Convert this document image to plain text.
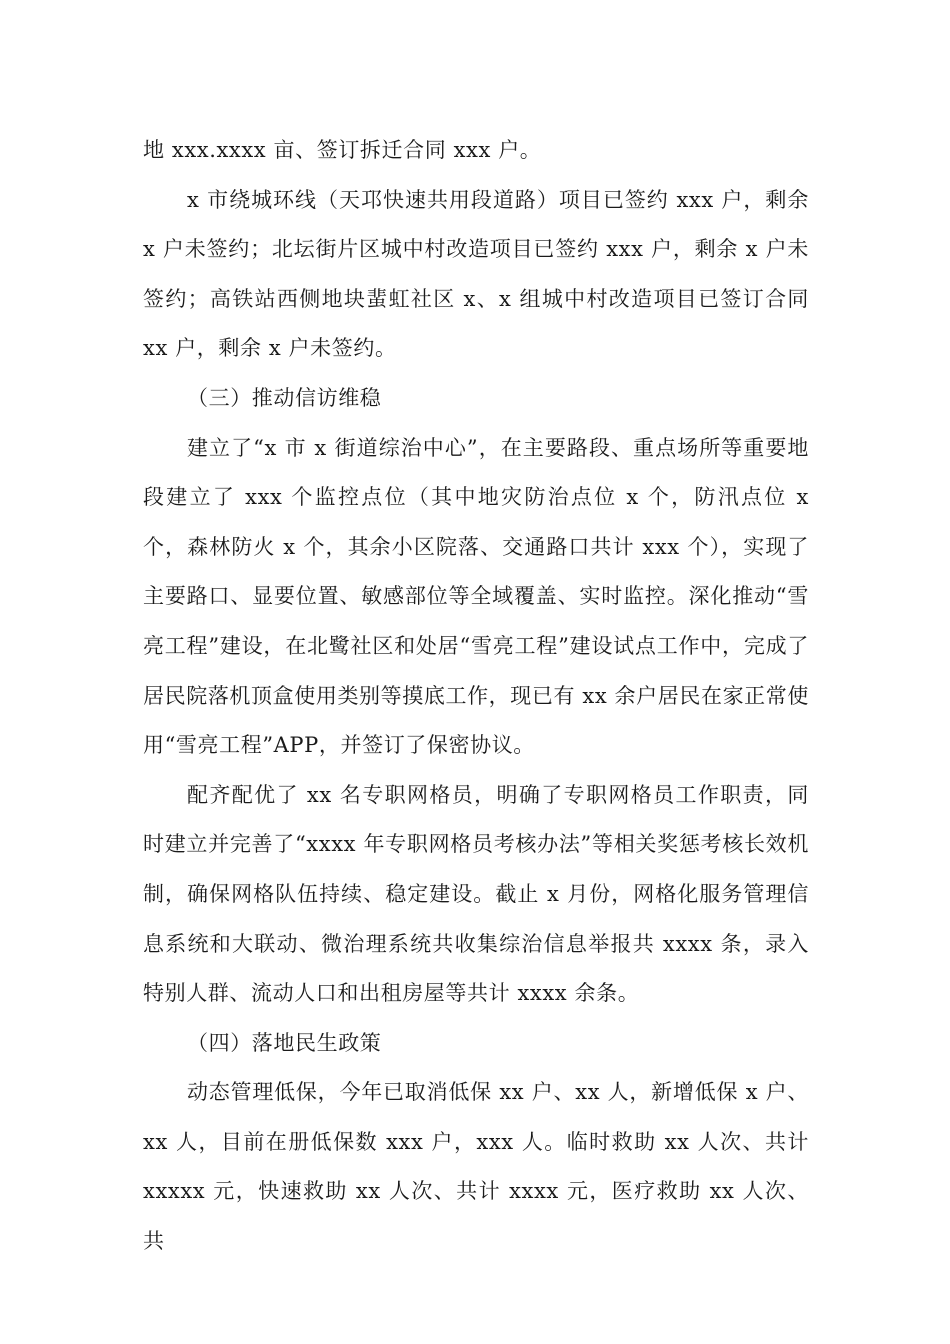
地 xxx.xxxx 亩、签订拆迁合同 xxx 户。

x 市绕城环线（天邛快速共用段道路）项目已签约 xxx 户，剩余 x 户未签约；北坛街片区城中村改造项目已签约 xxx 户，剩余 x 户未签约；高铁站西侧地块蜚虹社区 x、x 组城中村改造项目已签订合同 xx 户，剩余 x 户未签约。

（三）推动信访维稳

建立了“x 市 x 街道综治中心”，在主要路段、重点场所等重要地段建立了 xxx 个监控点位（其中地灾防治点位 x 个，防汛点位 x 个，森林防火 x 个，其余小区院落、交通路口共计 xxx 个），实现了主要路口、显要位置、敏感部位等全域覆盖、实时监控。深化推动“雪亮工程”建设，在北鹭社区和处居“雪亮工程”建设试点工作中，完成了居民院落机顶盒使用类别等摸底工作，现已有 xx 余户居民在家正常使用“雪亮工程”APP，并签订了保密协议。

配齐配优了 xx 名专职网格员，明确了专职网格员工作职责，同时建立并完善了“xxxx 年专职网格员考核办法”等相关奖惩考核长效机制，确保网格队伍持续、稳定建设。截止 x 月份，网格化服务管理信息系统和大联动、微治理系统共收集综治信息举报共 xxxx 条，录入特别人群、流动人口和出租房屋等共计 xxxx 余条。

（四）落地民生政策

动态管理低保，今年已取消低保 xx 户、xx 人，新增低保 x 户、xx 人，目前在册低保数 xxx 户，xxx 人。临时救助 xx 人次、共计 xxxxx 元，快速救助 xx 人次、共计 xxxx 元，医疗救助 xx 人次、共
